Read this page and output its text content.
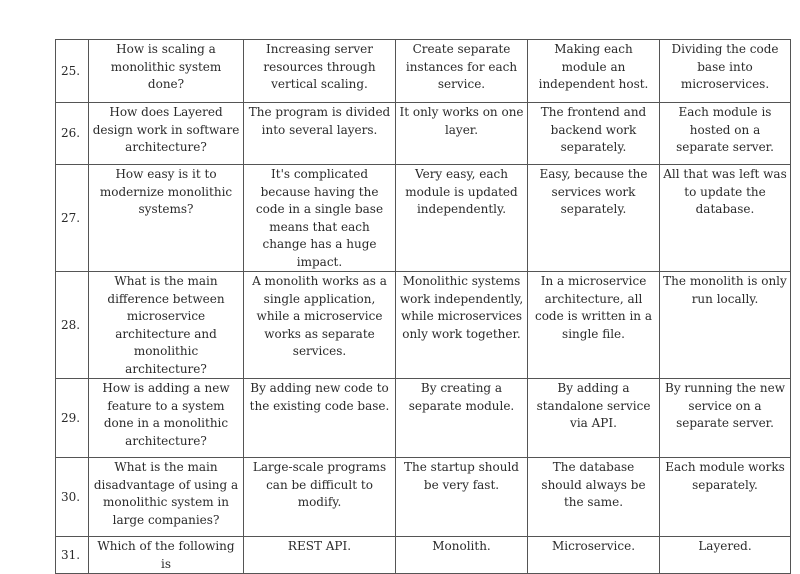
25.	How is scaling a monolithic system done?	Increasing server resources through vertical scaling.	Create separate instances for each service.	Making each module an independent host.	Dividing the code base into microservices.
26.	How does Layered design work in software architecture?	The program is divided into several layers.	It only works on one layer.	The frontend and backend work separately.	Each module is hosted on a separate server.
27.	How easy is it to modernize monolithic systems?	It's complicated because having the code in a single base means that each change has a huge impact.	Very easy, each module is updated independently.	Easy, because the services work separately.	All that was left was to update the database.
28.	What is the main difference between microservice architecture and monolithic architecture?	A monolith works as a single application, while a microservice works as separate services.	Monolithic systems work independently, while microservices only work together.	In a microservice architecture, all code is written in a single file.	The monolith is only run locally.
29.	How is adding a new feature to a system done in a monolithic architecture?	By adding new code to the existing code base.	By creating a separate module.	By adding a standalone service via API.	By running the new service on a separate server.
30.	What is the main disadvantage of using a monolithic system in large companies?	Large-scale programs can be difficult to modify.	The startup should be very fast.	The database should always be the same.	Each module works separately.
31.	Which of the following is	REST API.	Monolith.	Microservice.	Layered.
